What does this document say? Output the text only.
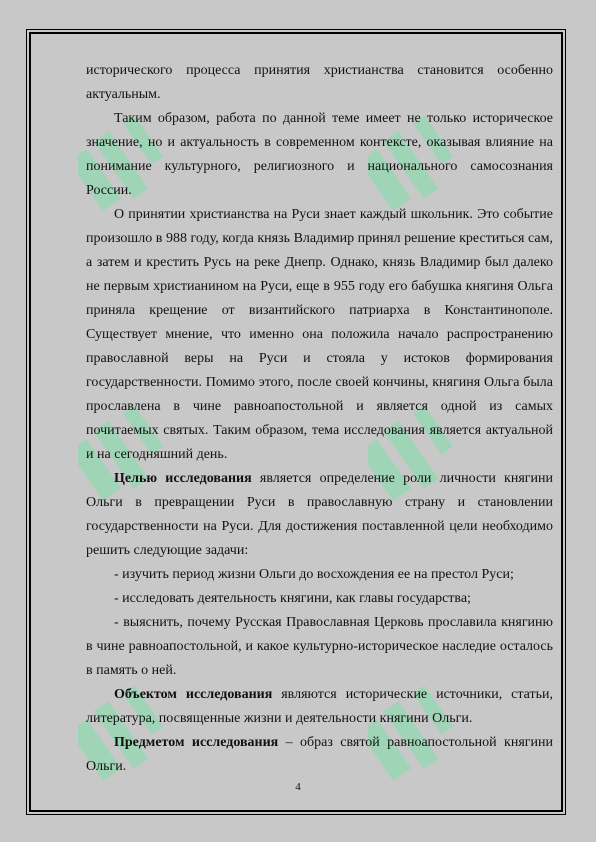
исторического процесса принятия христианства становится особенно актуальным.

Таким образом, работа по данной теме имеет не только историческое значение, но и актуальность в современном контексте, оказывая влияние на понимание культурного, религиозного и национального самосознания России.

О принятии христианства на Руси знает каждый школьник. Это событие произошло в 988 году, когда князь Владимир принял решение креститься сам, а затем и крестить Русь на реке Днепр. Однако, князь Владимир был далеко не первым христианином на Руси, еще в 955 году его бабушка княгиня Ольга приняла крещение от византийского патриарха в Константинополе. Существует мнение, что именно она положила начало распространению православной веры на Руси и стояла у истоков формирования государственности. Помимо этого, после своей кончины, княгиня Ольга была прославлена в чине равноапостольной и является одной из самых почитаемых святых. Таким образом, тема исследования является актуальной и на сегодняшний день.

Целью исследования является определение роли личности княгини Ольги в превращении Руси в православную страну и становлении государственности на Руси. Для достижения поставленной цели необходимо решить следующие задачи:

- изучить период жизни Ольги до восхождения ее на престол Руси;

- исследовать деятельность княгини, как главы государства;

- выяснить, почему Русская Православная Церковь прославила княгиню в чине равноапостольной, и какое культурно-историческое наследие осталось в память о ней.

Объектом исследования являются исторические источники, статьи, литература, посвященные жизни и деятельности княгини Ольги.

Предметом исследования – образ святой равноапостольной княгини Ольги.

4
